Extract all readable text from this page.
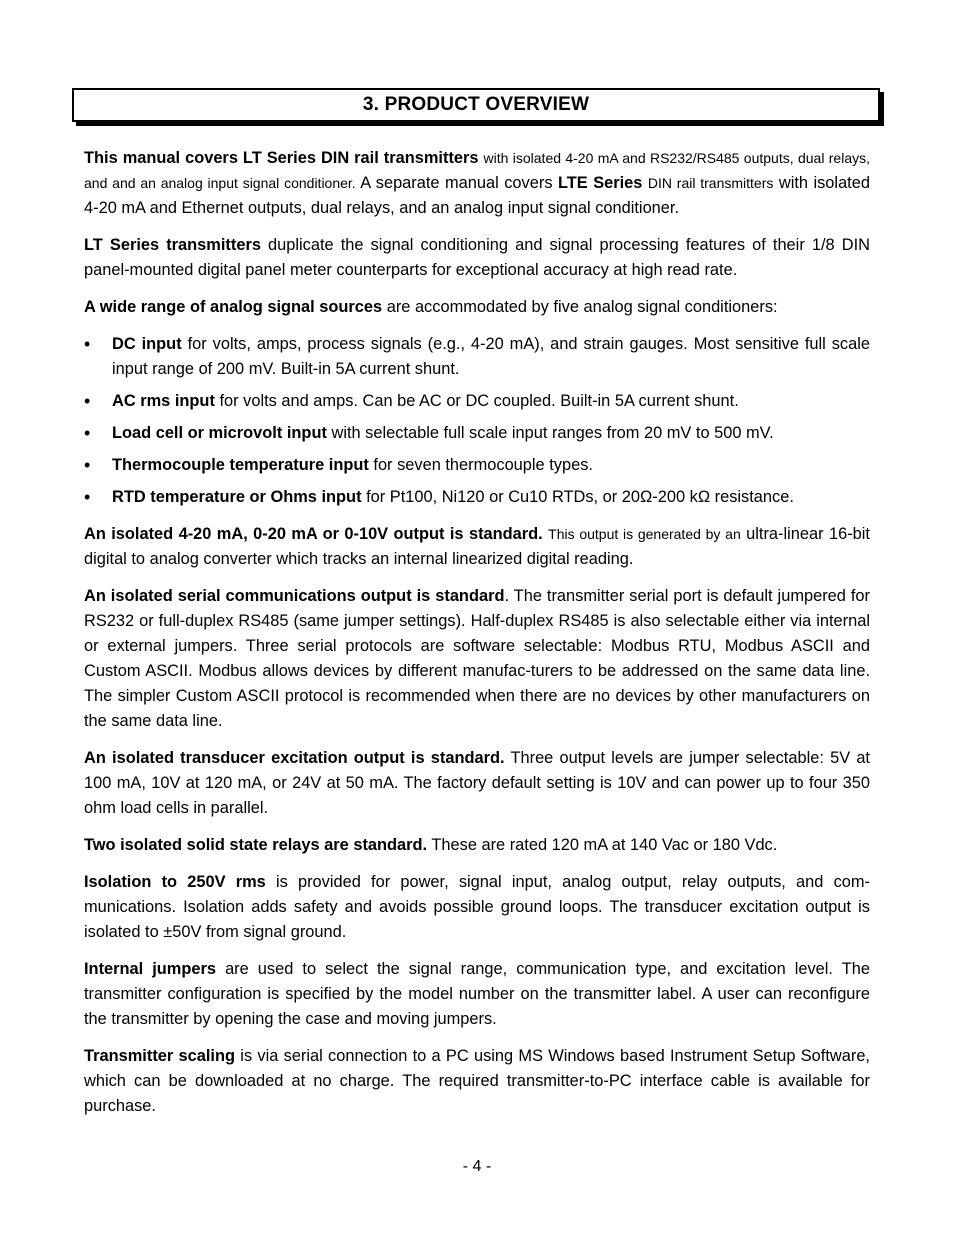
3. PRODUCT OVERVIEW

This manual covers LT Series DIN rail transmitters with isolated 4-20 mA and RS232/RS485 outputs, dual relays, and and an analog input signal conditioner. A separate manual covers LTE Series DIN rail transmitters with isolated 4-20 mA and Ethernet outputs, dual relays, and an analog input signal conditioner.

LT Series transmitters duplicate the signal conditioning and signal processing features of their 1/8 DIN panel-mounted digital panel meter counterparts for exceptional accuracy at high read rate.

A wide range of analog signal sources are accommodated by five analog signal conditioners:

• DC input for volts, amps, process signals (e.g., 4-20 mA), and strain gauges. Most sensitive full scale input range of 200 mV. Built-in 5A current shunt.
• AC rms input for volts and amps. Can be AC or DC coupled. Built-in 5A current shunt.
• Load cell or microvolt input with selectable full scale input ranges from 20 mV to 500 mV.
• Thermocouple temperature input for seven thermocouple types.
• RTD temperature or Ohms input for Pt100, Ni120 or Cu10 RTDs, or 20Ω-200 kΩ resistance.

An isolated 4-20 mA, 0-20 mA or 0-10V output is standard. This output is generated by an ultra-linear 16-bit digital to analog converter which tracks an internal linearized digital reading.

An isolated serial communications output is standard. The transmitter serial port is default jumpered for RS232 or full-duplex RS485 (same jumper settings). Half-duplex RS485 is also selectable either via internal or external jumpers. Three serial protocols are software selectable: Modbus RTU, Modbus ASCII and Custom ASCII. Modbus allows devices by different manufac-turers to be addressed on the same data line. The simpler Custom ASCII protocol is recommended when there are no devices by other manufacturers on the same data line.

An isolated transducer excitation output is standard. Three output levels are jumper selectable: 5V at 100 mA, 10V at 120 mA, or 24V at 50 mA. The factory default setting is 10V and can power up to four 350 ohm load cells in parallel.

Two isolated solid state relays are standard. These are rated 120 mA at 140 Vac or 180 Vdc.

Isolation to 250V rms is provided for power, signal input, analog output, relay outputs, and com-munications. Isolation adds safety and avoids possible ground loops. The transducer excitation output is isolated to ±50V from signal ground.

Internal jumpers are used to select the signal range, communication type, and excitation level. The transmitter configuration is specified by the model number on the transmitter label. A user can reconfigure the transmitter by opening the case and moving jumpers.

Transmitter scaling is via serial connection to a PC using MS Windows based Instrument Setup Software, which can be downloaded at no charge. The required transmitter-to-PC interface cable is available for purchase.

- 4 -
